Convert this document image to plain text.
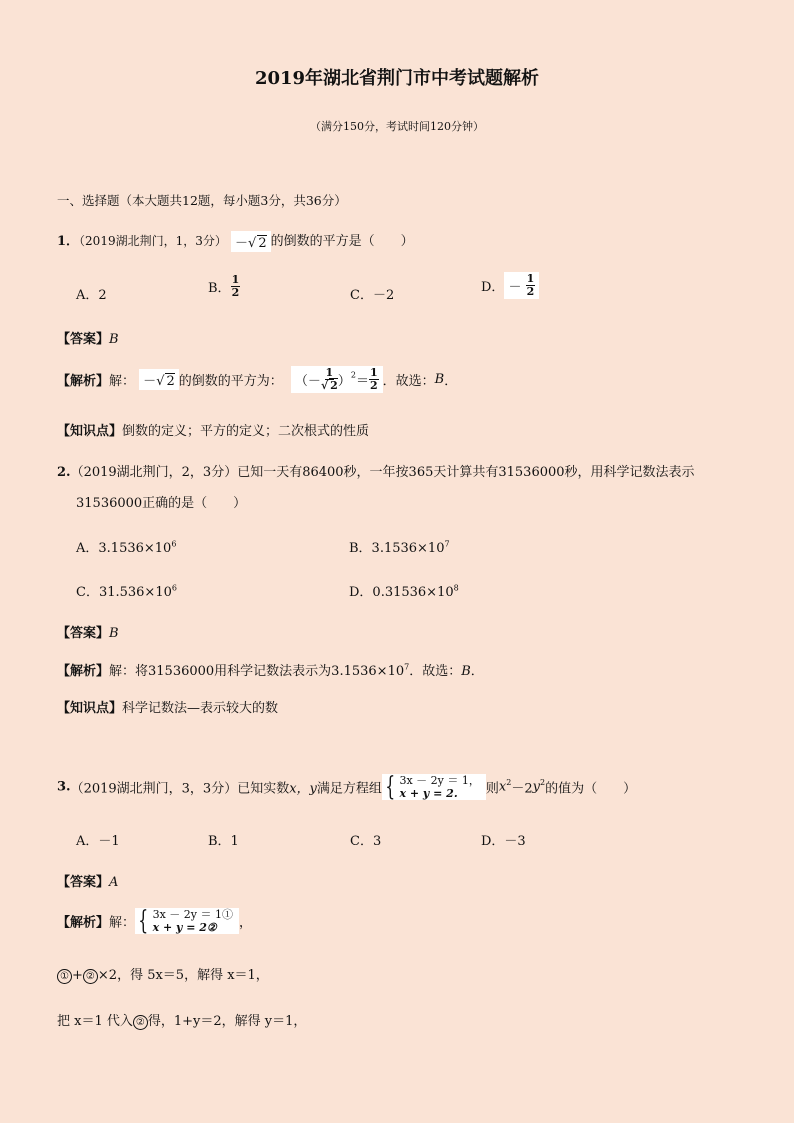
2019年湖北省荆门市中考试题解析
（满分150分，考试时间120分钟）
一、选择题（本大题共12题，每小题3分，共36分）
1．（2019湖北荆门，1，3分） －√ 2 的倒数的平方是（　　）
A．2	B． $\frac{1}{2}$	C．－2
D． － $\frac{1}{2}$
【答案】B
【解析】解： －√ 2 的倒数的平方为： （－ $\frac{1}{√ 2} )^2= \frac{1}{2}$ ．故选：B．
【知识点】倒数的定义；平方的定义；二次根式的性质
2.（2019湖北荆门，2，3分）已知一天有86400秒，一年按365天计算共有31536000秒，用科学记数法表示
31536000正确的是（　　）
A．$3.1536\times 10^6$	B．$3.1536\times 10^7$
C．$31.536\times 10^6$	D．$0.31536\times 10^8$
【答案】B
【解析】解：将31536000用科学记数法表示为$3.1536\times 10^7$．故选：B．
【知识点】科学记数法—表示较大的数
3.（2019湖北荆门，3，3分）已知实数x，y满足方程组 { 3x － 2y ＝ 1，
x + y = 2.	则$x^2-2y^2$的值为（　　）
A．－1	B．1	C．3	D．－3
【答案】A
【解析】解： { 3x － 2y ＝ 1①
x + y = 2②	，
① + ② ×2，得 5x＝5，解得 x＝1，
把 x＝1 代入 ② 得，1+y＝2，解得 y＝1，
